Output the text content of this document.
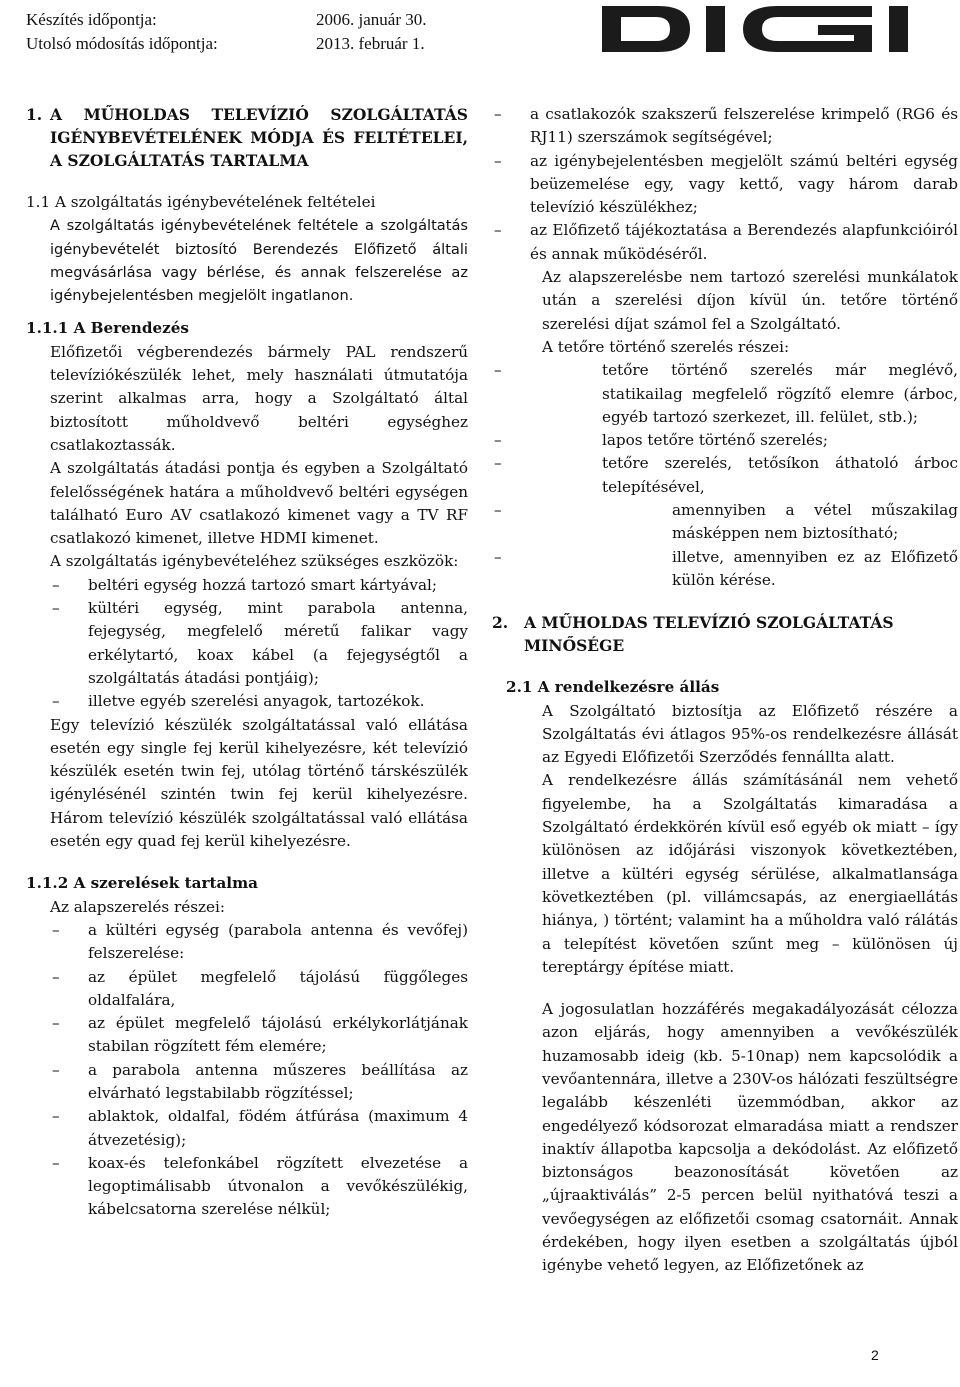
Készítés időpontja:	2006. január 30.
Utolsó módosítás időpontja:	2013. február 1.
DIGI
1. A MŰHOLDAS TELEVÍZIÓ SZOLGÁLTATÁS IGÉNYBEVÉTELÉNEK MÓDJA ÉS FELTÉTELEI, A SZOLGÁLTATÁS TARTALMA
1.1 A szolgáltatás igénybevételének feltételei
A szolgáltatás igénybevételének feltétele a szolgáltatás igénybevételét biztosító Berendezés Előfizető általi megvásárlása vagy bérlése, és annak felszerelése az igénybejelentésben megjelölt ingatlanon.
1.1.1 A Berendezés
Előfizetői végberendezés bármely PAL rendszerű televíziókészülék lehet, mely használati útmutatója szerint alkalmas arra, hogy a Szolgáltató által biztosított műholdvevő beltéri egységhez csatlakoztassák.
A szolgáltatás átadási pontja és egyben a Szolgáltató felelősségének határa a műholdvevő beltéri egységen található Euro AV csatlakozó kimenet vagy a TV RF csatlakozó kimenet, illetve HDMI kimenet.
A szolgáltatás igénybevételéhez szükséges eszközök:
– beltéri egység hozzá tartozó smart kártyával;
– kültéri egység, mint parabola antenna, fejegység, megfelelő méretű falikar vagy erkélytartó, koax kábel (a fejegységtől a szolgáltatás átadási pontjáig);
– illetve egyéb szerelési anyagok, tartozékok.
Egy televízió készülék szolgáltatással való ellátása esetén egy single fej kerül kihelyezésre, két televízió készülék esetén twin fej, utólag történő társkészülék igénylésénél szintén twin fej kerül kihelyezésre. Három televízió készülék szolgáltatással való ellátása esetén egy quad fej kerül kihelyezésre.
1.1.2 A szerelések tartalma
Az alapszerelés részei:
– a kültéri egység (parabola antenna és vevőfej) felszerelése:
– az épület megfelelő tájolású függőleges oldalfalára,
– az épület megfelelő tájolású erkélykorlátjának stabilan rögzített fém elemére;
– a parabola antenna műszeres beállítása az elvárható legstabilabb rögzítéssel;
– ablaktok, oldalfal, födém átfúrása (maximum 4 átvezetésig);
– koax-és telefonkábel rögzített elvezetése a legoptimálisabb útvonalon a vevőkészülékig, kábelcsatorna szerelése nélkül;
– a csatlakozók szakszerű felszerelése krimpelő (RG6 és RJ11) szerszámok segítségével;
– az igénybejelentésben megjelölt számú beltéri egység beüzemelése egy, vagy kettő, vagy három darab televízió készülékhez;
– az Előfizető tájékoztatása a Berendezés alapfunkcióiról és annak működéséről.
Az alapszerelésbe nem tartozó szerelési munkálatok után a szerelési díjon kívül ún. tetőre történő szerelési díjat számol fel a Szolgáltató.
A tetőre történő szerelés részei:
– tetőre történő szerelés már meglévő, statikailag megfelelő rögzítő elemre (árboc, egyéb tartozó szerkezet, ill. felület, stb.);
– lapos tetőre történő szerelés;
– tetőre szerelés, tetősíkon áthatoló árboc telepítésével,
– amennyiben a vétel műszakilag másképpen nem biztosítható;
– illetve, amennyiben ez az Előfizető külön kérése.
2.	A MŰHOLDAS TELEVÍZIÓ SZOLGÁLTATÁS MINŐSÉGE
2.1 A rendelkezésre állás
A Szolgáltató biztosítja az Előfizető részére a Szolgáltatás évi átlagos 95%-os rendelkezésre állását az Egyedi Előfizetői Szerződés fennállta alatt.
A rendelkezésre állás számításánál nem vehető figyelembe, ha a Szolgáltatás kimaradása a Szolgáltató érdekkörén kívül eső egyéb ok miatt – így különösen az időjárási viszonyok következtében, illetve a kültéri egység sérülése, alkalmatlansága következtében (pl. villámcsapás, az energiaellátás hiánya, ) történt; valamint ha a műholdra való rálátás a telepítést követően szűnt meg – különösen új tereptárgy építése miatt.
A jogosulatlan hozzáférés megakadályozását célozza azon eljárás, hogy amennyiben a vevőkészülék huzamosabb ideig (kb. 5-10nap) nem kapcsolódik a vevőantennára, illetve a 230V-os hálózati feszültségre legalább készenléti üzemmódban, akkor az engedélyező kódsorozat elmaradása miatt a rendszer inaktív állapotba kapcsolja a dekódolást. Az előfizető biztonságos beazonosítását követően az „újraaktiválás” 2-5 percen belül nyithatóvá teszi a vevőegységen az előfizetői csomag csatornáit. Annak érdekében, hogy ilyen esetben a szolgáltatás újból igénybe vehető legyen, az Előfizetőnek az
2
